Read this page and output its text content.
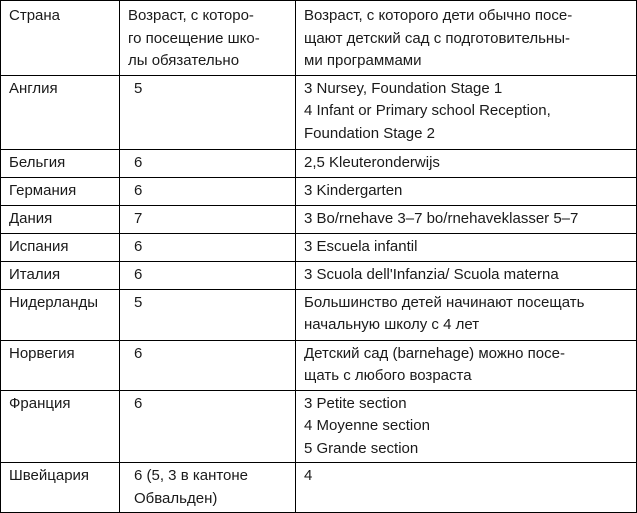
Страна	Возраст, с которо-
го посещение шко-
лы обязательно	Возраст, с которого дети обычно посе-
щают детский сад с подготовительны-
ми программами
Англия	5	3 Nursey, Foundation Stage 1
4 Infant or Primary school Reception,
Foundation Stage 2
Бельгия	6	2,5 Kleuteronderwijs
Германия	6	3 Kindergarten
Дания	7	3 Bo/rnehave 3–7 bo/rnehaveklasser 5–7
Испания	6	3 Escuela infantil
Италия	6	3 Scuola dell'Infanzia/ Scuola materna
Нидерланды	5	Большинство детей начинают посещать
начальную школу с 4 лет
Норвегия	6	Детский сад (barnehage) можно посе-
щать с любого возраста
Франция	6	3 Petite section
4 Moyenne section
5 Grande section
Швейцария	6 (5, 3 в кантоне
Обвальден)	4
